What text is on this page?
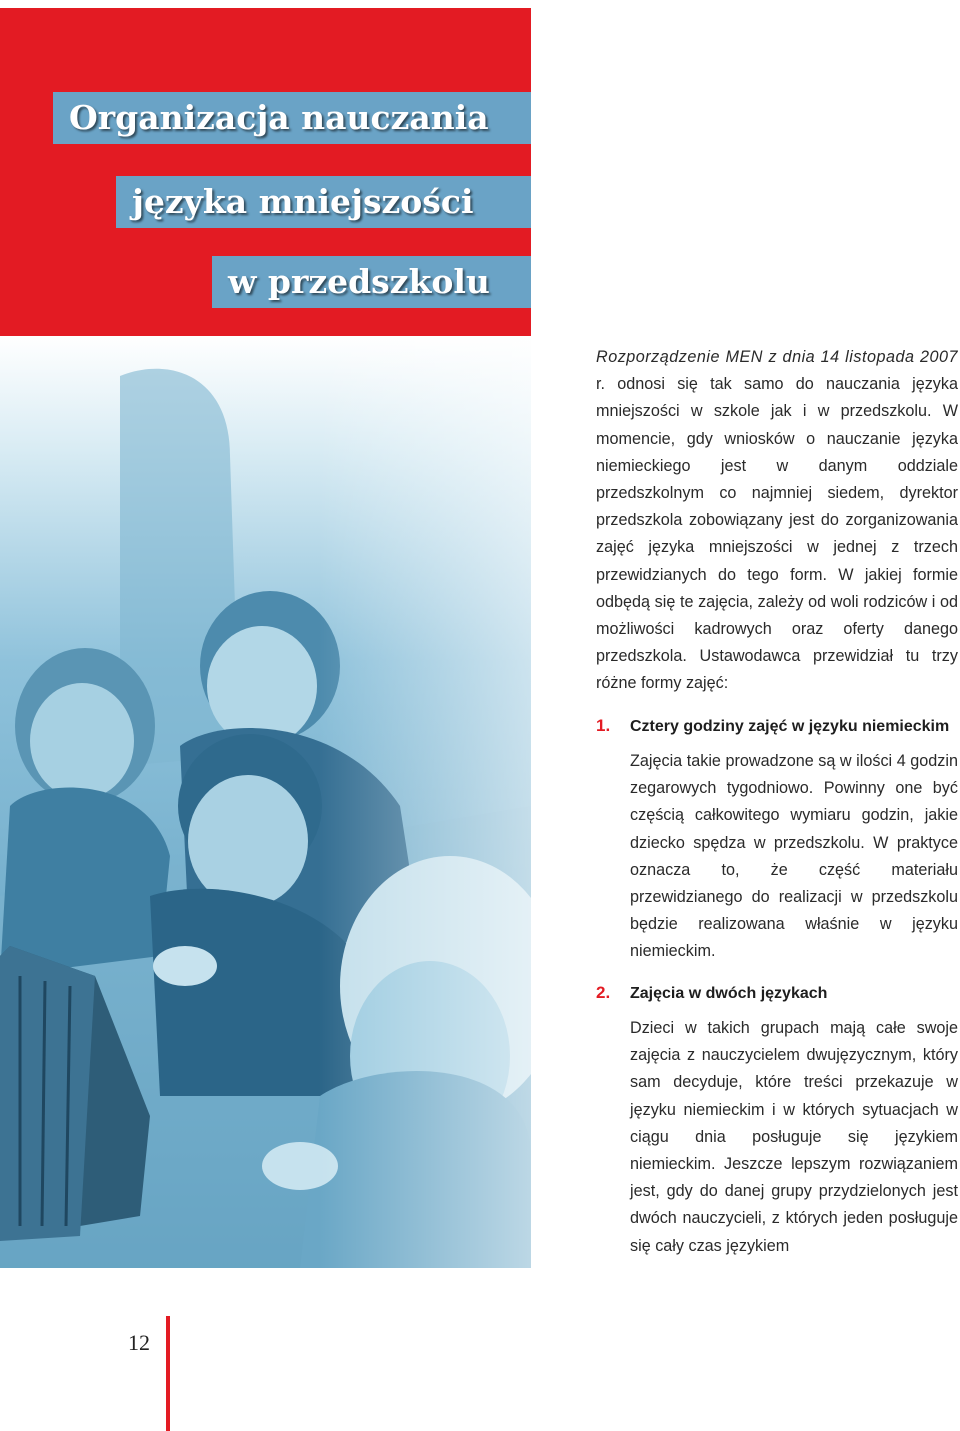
Organizacja nauczania
języka mniejszości
w przedszkolu

Rozporządzenie MEN z dnia 14 listopada 2007 r. odnosi się tak samo do nauczania języka mniejszości w szkole jak i w przedszkolu. W momencie, gdy wniosków o nauczanie języka niemieckiego jest w danym oddziale przedszkolnym co najmniej siedem, dyrektor przedszkola zobowiązany jest do zorganizowania zajęć języka mniejszości w jednej z trzech przewidzianych do tego form. W jakiej formie odbędą się te zajęcia, zależy od woli rodziców i od możliwości kadrowych oraz oferty danego przedszkola. Ustawodawca przewidział tu trzy różne formy zajęć:

1.	Cztery godziny zajęć w języku niemieckim
Zajęcia takie prowadzone są w ilości 4 godzin zegarowych tygodniowo. Powinny one być częścią całkowitego wymiaru godzin, jakie dziecko spędza w przedszkolu. W praktyce oznacza to, że część materiału przewidzianego do realizacji w przedszkolu będzie realizowana właśnie w języku niemieckim.
2.	Zajęcia w dwóch językach
Dzieci w takich grupach mają całe swoje zajęcia z nauczycielem dwujęzycznym, który sam decyduje, które treści przekazuje w języku niemieckim i w których sytuacjach w ciągu dnia posługuje się językiem niemieckim. Jeszcze lepszym rozwiązaniem jest, gdy do danej grupy przydzielonych jest dwóch nauczycieli, z których jeden posługuje się cały czas językiem
12
